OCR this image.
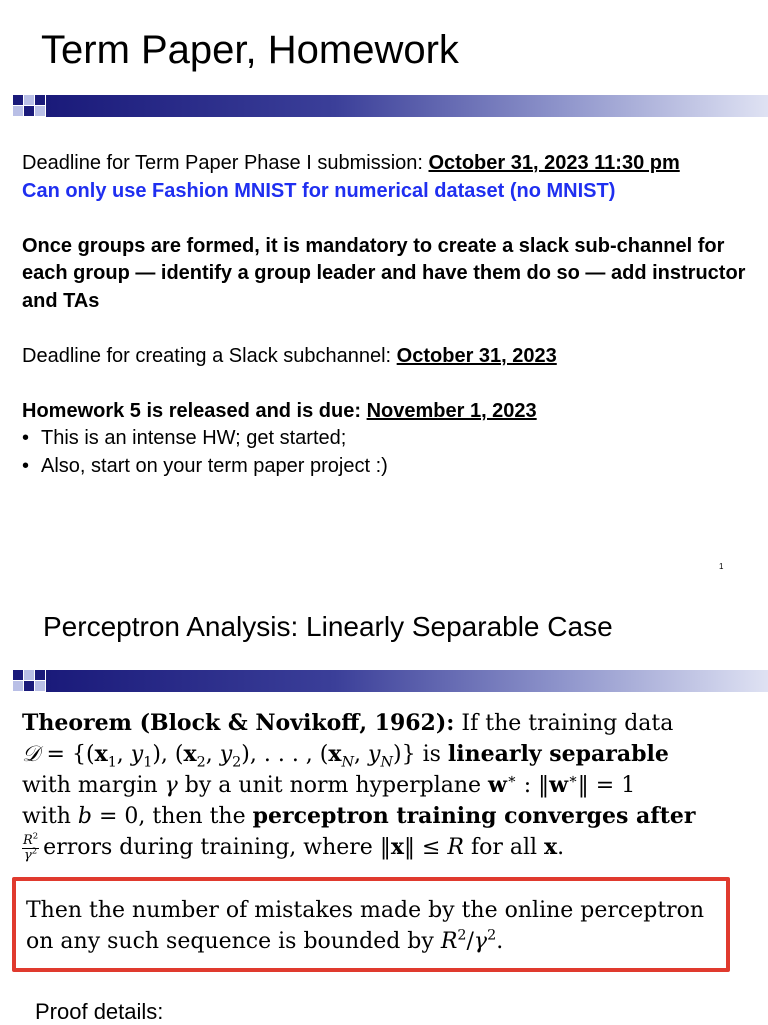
Term Paper, Homework

Deadline for Term Paper Phase I submission: October 31, 2023 11:30 pm

Can only use Fashion MNIST for numerical dataset (no MNIST)

Once groups are formed, it is mandatory to create a slack sub-channel for each group — identify a group leader and have them do so — add instructor and TAs

Deadline for creating a Slack subchannel: October 31, 2023

Homework 5 is released and is due: November 1, 2023

• This is an intense HW; get started;

• Also, start on your term paper project :)

1
Perceptron Analysis: Linearly Separable Case
Theorem (Block & Novikoff, 1962): If the training data
𝒟 = {($x_1$, $y_1$), ($x_2$, $y_2$), . . . , ($x_N$, $y_N$)} is linearly separable
with margin γ by a unit norm hyperplane w∗ : ‖w∗‖ = 1
with b = 0, then the perceptron training converges after
$\frac{R^2}{\gamma^2}$ errors during training, where ‖x‖ ≤ R for all x.
Then the number of mistakes made by the online perceptron
on any such sequence is bounded by $R^2/\gamma^2$.
Proof details:
